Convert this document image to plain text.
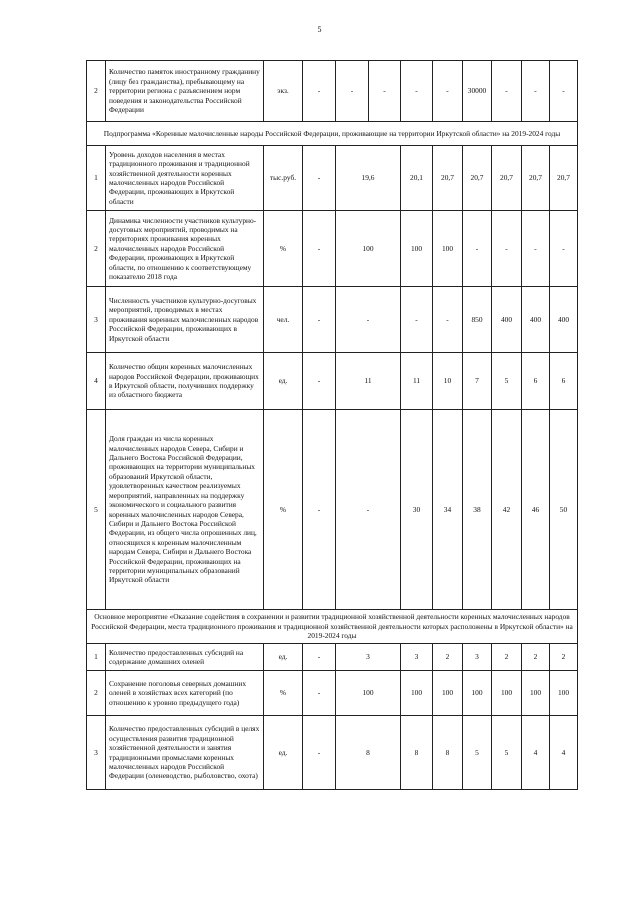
5
2	Количество памяток иностранному гражданину (лицу без гражданства), пребывающему на территории региона с разъяснением норм поведения и законодательства Российской Федерации	экз.	-	-	-	-	-	30000	-	-	-
Подпрограмма «Коренные малочисленные народы Российской Федерации, проживающие на территории Иркутской области» на 2019-2024 годы											
1	Уровень доходов населения в местах традиционного проживания и традиционной хозяйственной деятельности коренных малочисленных народов Российской Федерации, проживающих в Иркутской области	тыс.руб.	-	19,6		20,1	20,7	20,7	20,7	20,7	20,7
2	Динамика численности участников культурно-досуговых мероприятий, проводимых на территориях проживания коренных малочисленных народов Российской Федерации, проживающих в Иркутской области, по отношению к соответствующему показателю 2018 года	%	-	100		100	100	-	-	-	-
3	Численность участников культурно-досуговых мероприятий, проводимых в местах проживания коренных малочисленных народов Российской Федерации, проживающих в Иркутской области	чел.	-	-		-	-	850	400	400	400
4	Количество общин коренных малочисленных народов Российской Федерации, проживающих в Иркутской области, получивших поддержку из областного бюджета	ед.	-	11		11	10	7	5	6	6
5	Доля граждан из числа коренных малочисленных народов Севера, Сибири и Дальнего Востока Российской Федерации, проживающих на территории муниципальных образований Иркутской области, удовлетворенных качеством реализуемых мероприятий, направленных на поддержку экономического и социального развития коренных малочисленных народов Севера, Сибири и Дальнего Востока Российской Федерации, из общего числа опрошенных лиц, относящихся к коренным малочисленным народам Севера, Сибири и Дальнего Востока Российской Федерации, проживающих на территории муниципальных образований Иркутской области	%	-	-		30	34	38	42	46	50
Основное мероприятие «Оказание содействия в сохранении и развитии традиционной хозяйственной деятельности коренных малочисленных народов Российской Федерации, места традиционного проживания и традиционной хозяйственной деятельности которых расположены в Иркутской области» на 2019-2024 годы											
1	Количество предоставленных субсидий на содержание домашних оленей	ед.	-	3		3	2	3	2	2	2
2	Сохранение поголовья северных домашних оленей в хозяйствах всех категорий (по отношению к уровню предыдущего года)	%	-	100		100	100	100	100	100	100
3	Количество предоставленных субсидий в целях осуществления развития традиционной хозяйственной деятельности и занятия традиционными промыслами коренных малочисленных народов Российской Федерации (оленеводство, рыболовство, охота)	ед.	-	8		8	8	5	5	4	4
